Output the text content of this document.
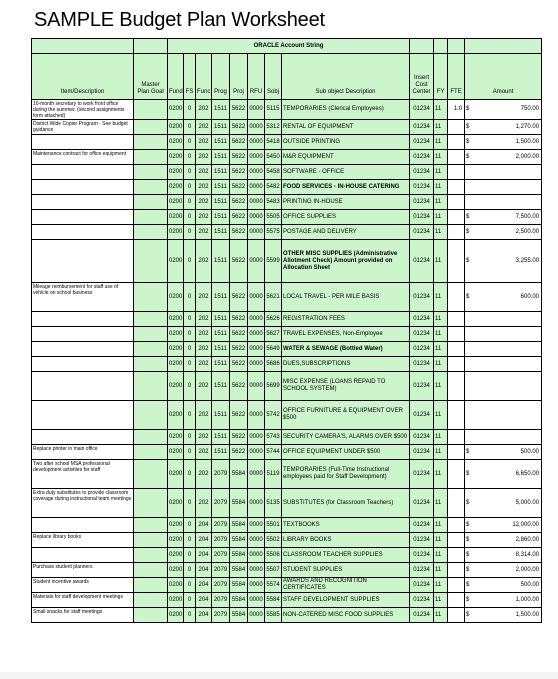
SAMPLE Budget Plan Worksheet
		ORACLE Account String											
Item/Description	Master Plan Goal	Fund	FS	Func	Prog	Proj	RFU	Sobj	Sub object Description	Insert Cost Center	FY	FTE	Amount
10-month secretary to work front office during the summer. (second assignments form attached)		0200	0	202	1511	5622	0000	5115	TEMPORARIES (Clerical Employees)	01234	11	1.0	$ 750.00
District Wide Copier Program - See budget guidance		0200	0	202	1511	5622	0000	5312	RENTAL OF EQUIPMENT	01234	11		$ 1,270.00
		0200	0	202	1511	5622	0000	5418	OUTSIDE PRINTING	01234	11		$ 1,500.00
Maintenance contract for office equipment		0200	0	202	1511	5622	0000	5450	M&R EQUIPMENT	01234	11		$ 2,000.00
		0200	0	202	1511	5622	0000	5458	SOFTWARE - OFFICE	01234	11		

		0200	0	202	1511	5622	0000	5482	FOOD SERVICES - IN-HOUSE CATERING	01234	11		

		0200	0	202	1511	5622	0000	5483	PRINTING IN-HOUSE	01234	11		

		0200	0	202	1511	5622	0000	5505	OFFICE SUPPLIES	01234	11		$ 7,500.00
		0200	0	202	1511	5622	0000	5575	POSTAGE AND DELIVERY	01234	11		$ 2,500.00
		0200	0	202	1511	5622	0000	5599	OTHER MISC SUPPLIES (Administrative Allotment Check) Amount provided on Allocation Sheet	01234	11		$ 3,255.00
Mileage reimbursement for staff use of vehicle on school business		0200	0	202	1511	5622	0000	5621	LOCAL TRAVEL - PER MILE BASIS	01234	11		$ 600.00
		0200	0	202	1511	5622	0000	5626	REGISTRATION FEES	01234	11		

		0200	0	202	1511	5622	0000	5627	TRAVEL EXPENSES, Non-Employee	01234	11		

		0200	0	202	1511	5622	0000	5649	WATER & SEWAGE (Bottled Water)	01234	11		

		0200	0	202	1511	5622	0000	5686	DUES,SUBSCRIPTIONS	01234	11		

		0200	0	202	1511	5622	0000	5699	MISC EXPENSE (LOANS REPAID TO SCHOOL SYSTEM)	01234	11		

		0200	0	202	1511	5622	0000	5742	OFFICE FURNITURE & EQUIPMENT OVER $500	01234	11		

		0200	0	202	1511	5622	0000	5743	SECURITY CAMERA'S, ALARMS OVER $500	01234	11		

Replace printer in main office		0200	0	202	1511	5622	0000	5744	OFFICE EQUIPMENT UNDER $500	01234	11		$ 500.00
Two after school MSA professional development activities for staff		0200	0	202	2079	5584	0000	5119	TEMPORARIES (Full-Time Instructional employees paid for Staff Development)	01234	11		$ 6,650.00
Extra duty substitutes to provide classroom coverage during instructional team meetings		0200	0	202	2079	5584	0000	5135	SUBSTITUTES (for Classroom Teachers)	01234	11		$ 5,000.00
		0200	0	204	2079	5584	0000	5501	TEXTBOOKS	01234	11		$ 12,000.00
Replace library books		0200	0	204	2079	5584	0000	5502	LIBRARY BOOKS	01234	11		$ 2,860.00
		0200	0	204	2079	5584	0000	5506	CLASSROOM TEACHER SUPPLIES	01234	11		$ 8,314.00
Purchase student planners		0200	0	204	2079	5584	0000	5507	STUDENT SUPPLIES	01234	11		$ 2,000.00
Student incentive awards		0200	0	204	2079	5584	0000	5574	AWARDS AND RECOGNITION CERTIFICATES	01234	11		$ 500.00
Materials for staff development meetings		0200	0	204	2079	5584	0000	5584	STAFF DEVELOPMENT SUPPLIES	01234	11		$ 1,000.00
Small snacks for staff meetings		0200	0	204	2079	5584	0000	5585	NON-CATERED MISC FOOD SUPPLIES	01234	11		$ 1,500.00
